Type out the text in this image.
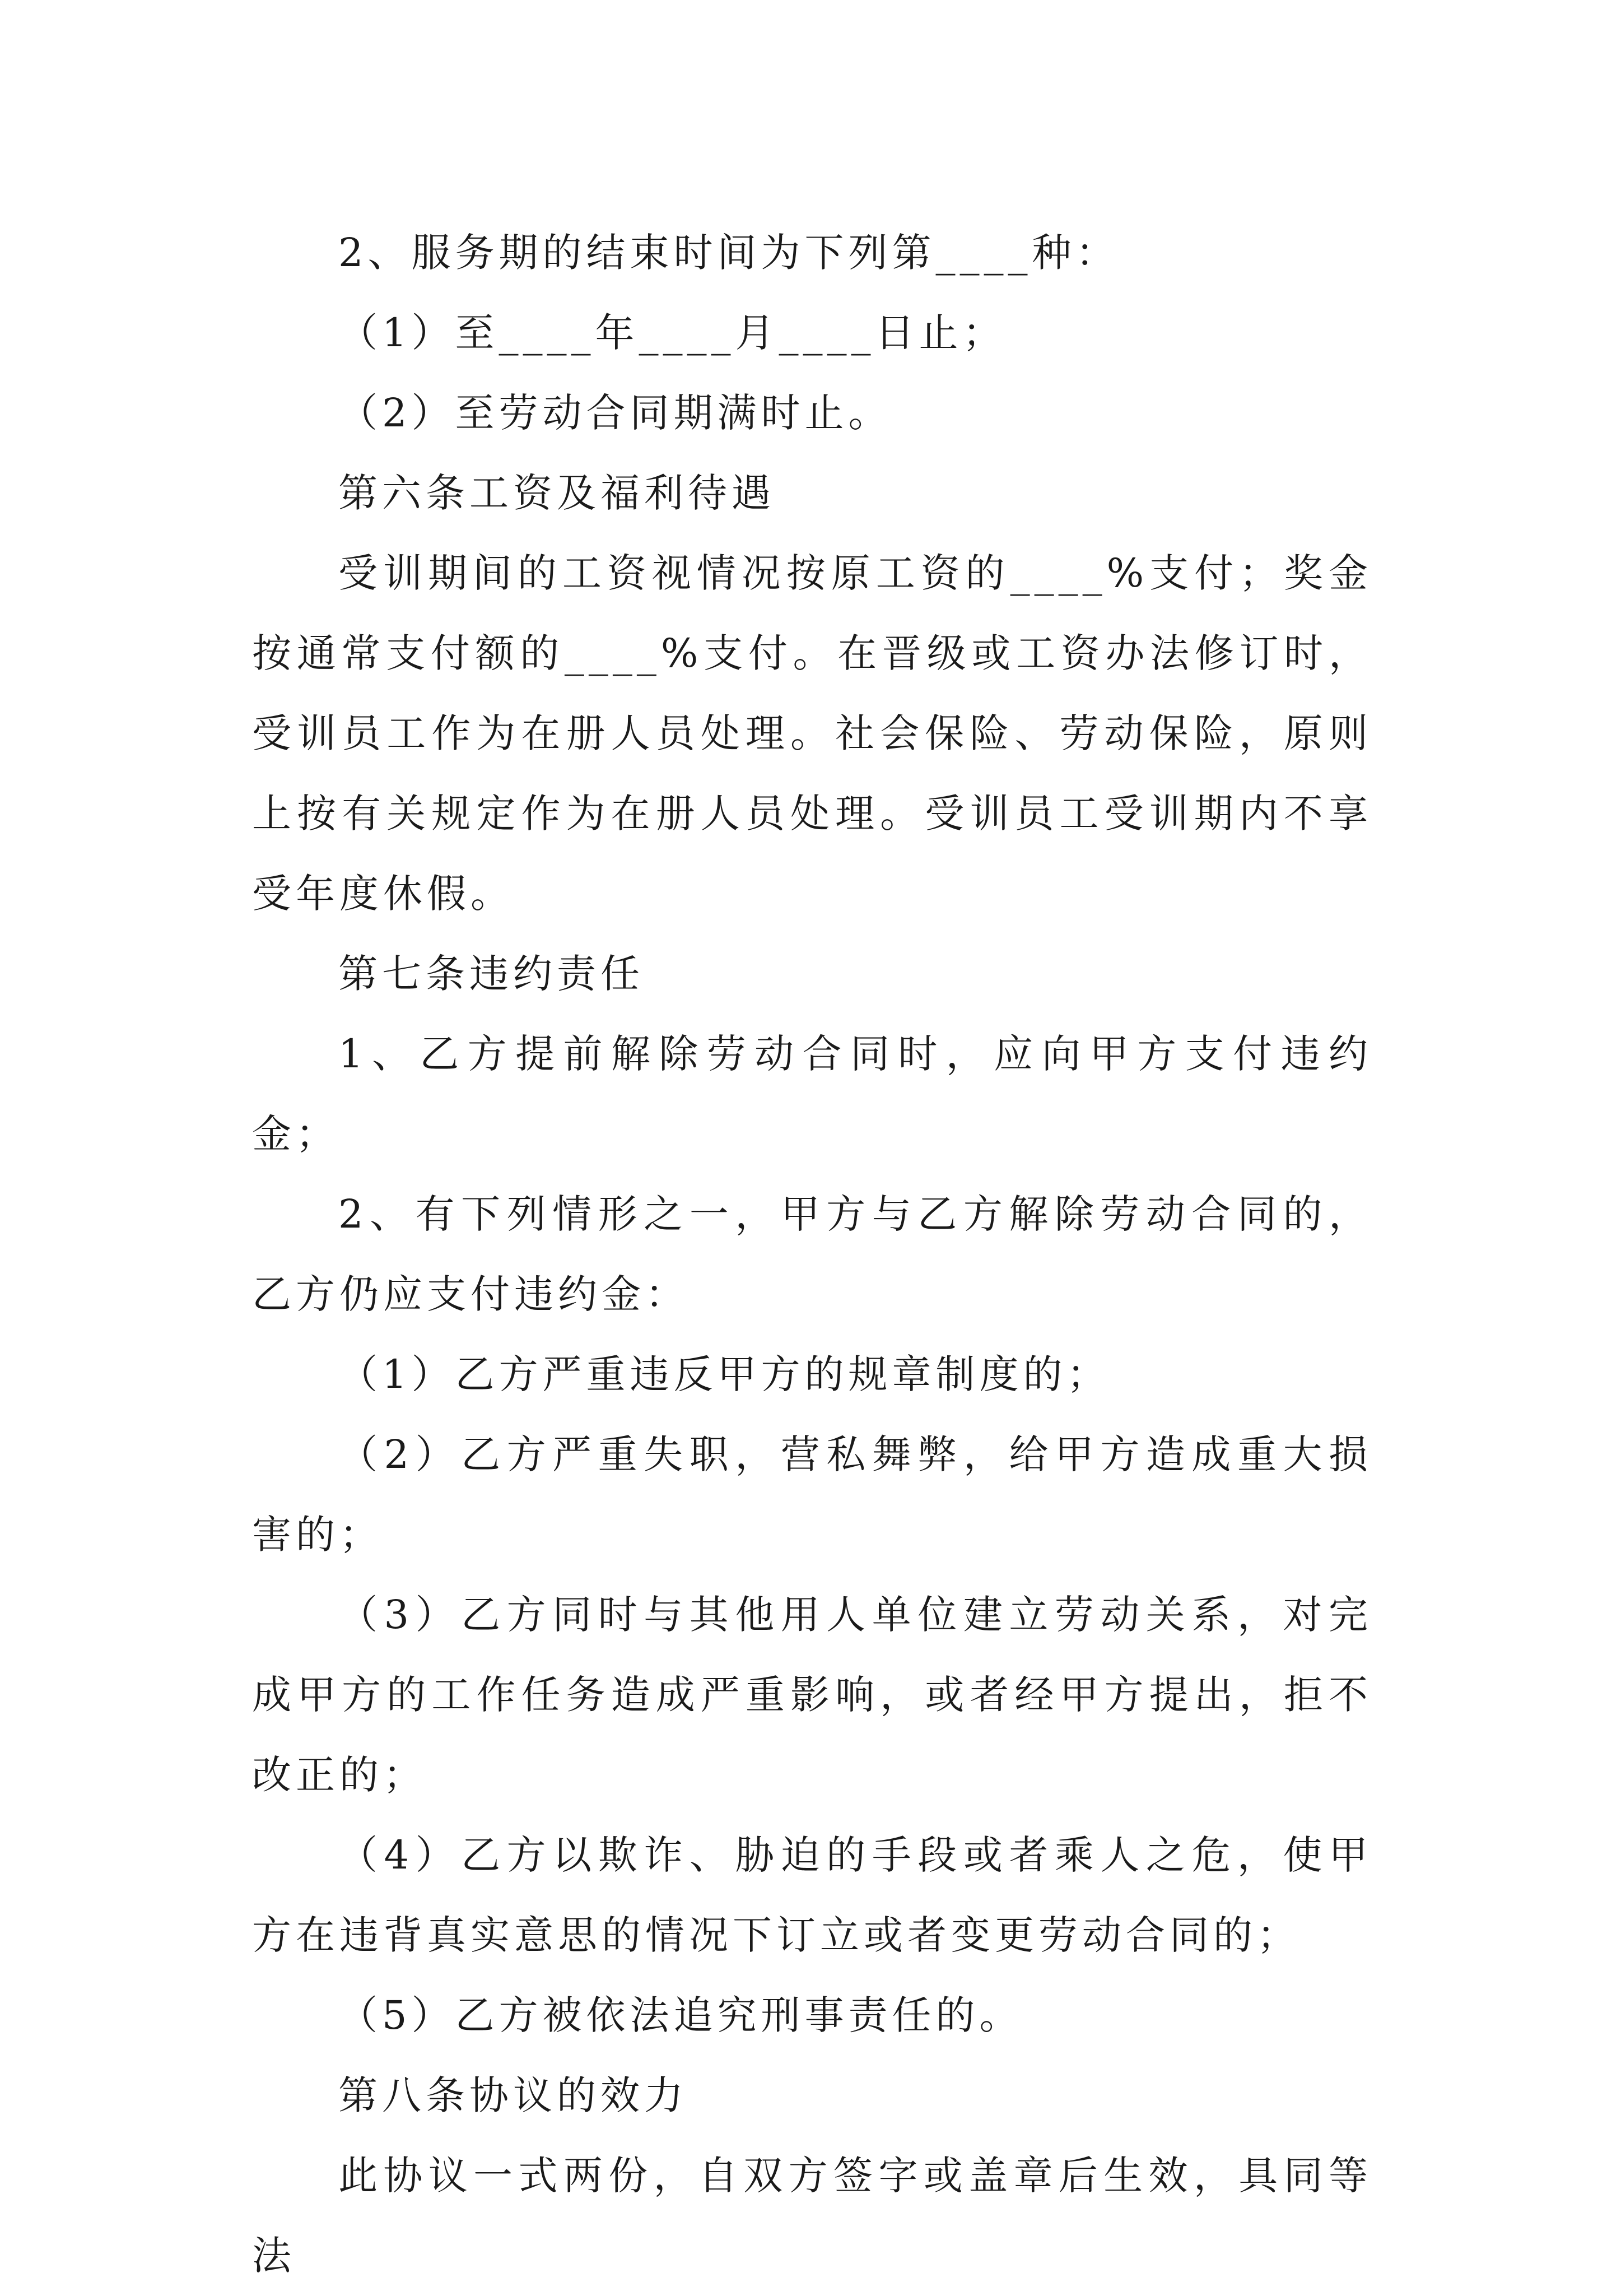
2、服务期的结束时间为下列第____种：

（1）至____年____月____日止；

（2）至劳动合同期满时止。

第六条工资及福利待遇

受训期间的工资视情况按原工资的____%支付；奖金按通常支付额的____%支付。在晋级或工资办法修订时，受训员工作为在册人员处理。社会保险、劳动保险，原则上按有关规定作为在册人员处理。受训员工受训期内不享受年度休假。

第七条违约责任

1、乙方提前解除劳动合同时，应向甲方支付违约金；

2、有下列情形之一，甲方与乙方解除劳动合同的，乙方仍应支付违约金：

（1）乙方严重违反甲方的规章制度的；

（2）乙方严重失职，营私舞弊，给甲方造成重大损害的；

（3）乙方同时与其他用人单位建立劳动关系，对完成甲方的工作任务造成严重影响，或者经甲方提出，拒不改正的；

（4）乙方以欺诈、胁迫的手段或者乘人之危，使甲方在违背真实意思的情况下订立或者变更劳动合同的；

（5）乙方被依法追究刑事责任的。

第八条协议的效力

此协议一式两份，自双方签字或盖章后生效，具同等法
